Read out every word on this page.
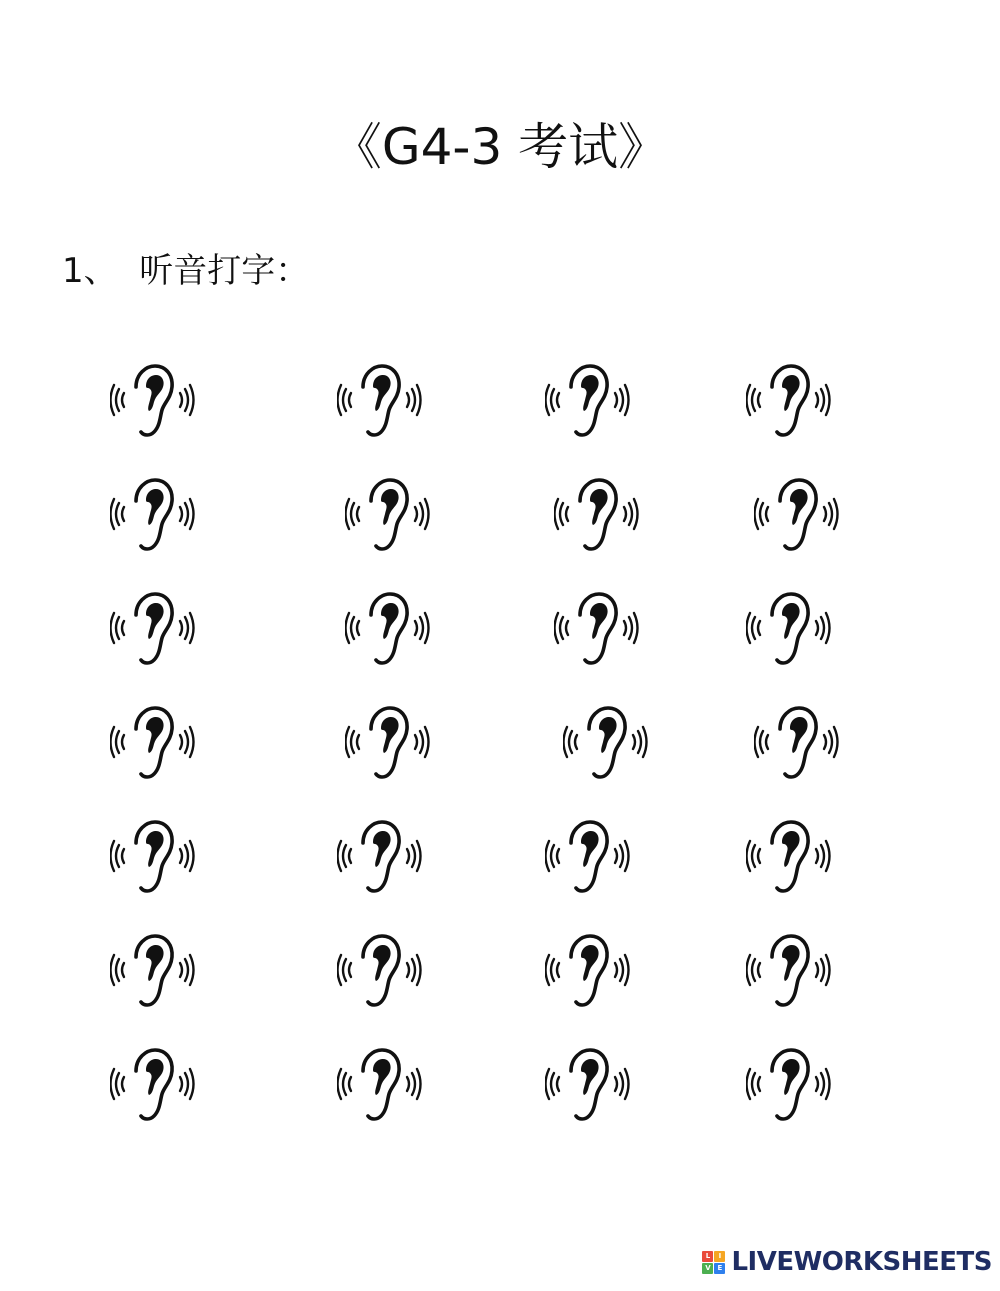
《G4-3 考试》
1、 听音打字：
L	I
V E LIVEWORKSHEETS
